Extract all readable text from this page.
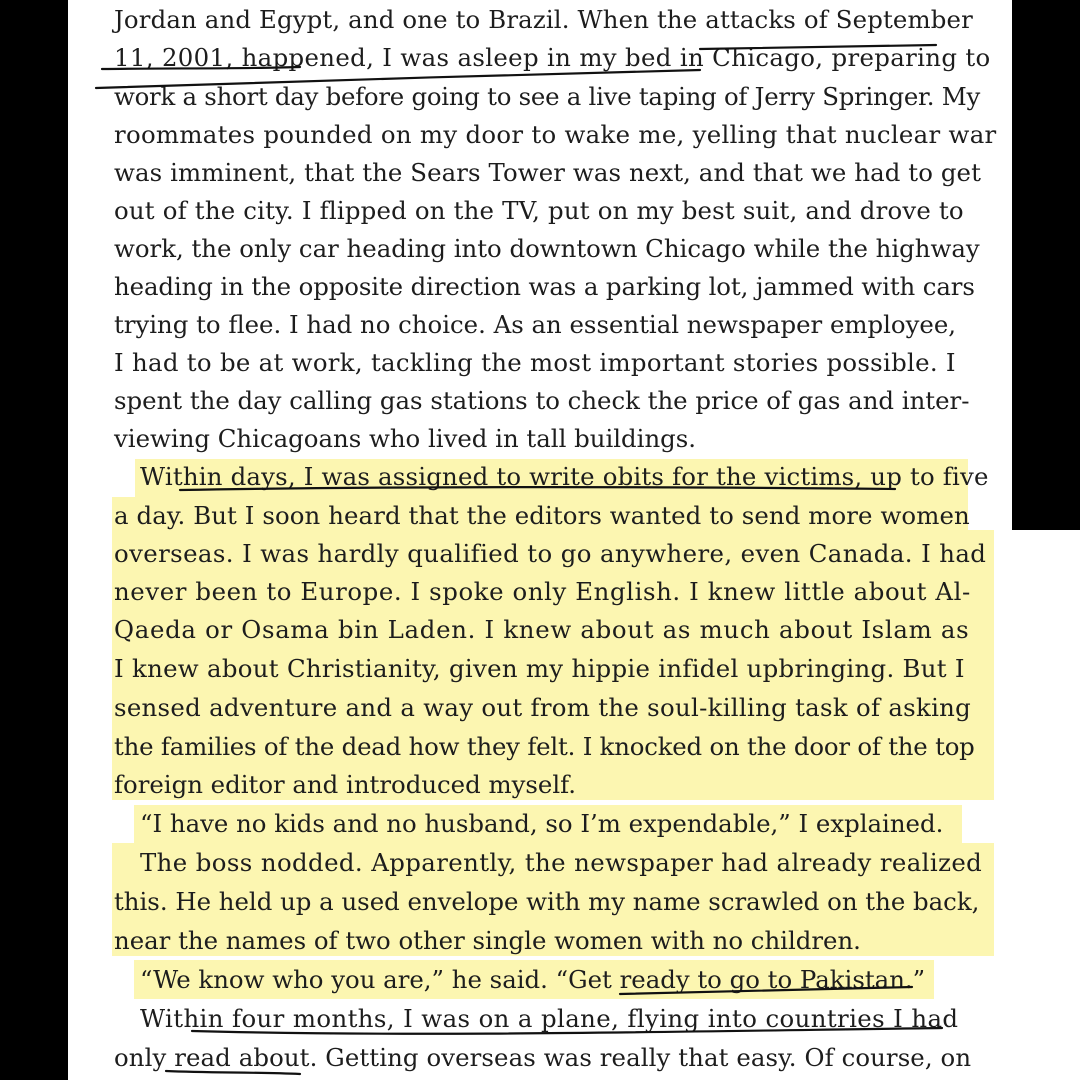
Jordan and Egypt, and one to Brazil. When the attacks of September
11, 2001, happened, I was asleep in my bed in Chicago, preparing to
work a short day before going to see a live taping of Jerry Springer. My
roommates pounded on my door to wake me, yelling that nuclear war
was imminent, that the Sears Tower was next, and that we had to get
out of the city. I flipped on the TV, put on my best suit, and drove to
work, the only car heading into downtown Chicago while the highway
heading in the opposite direction was a parking lot, jammed with cars
trying to flee. I had no choice. As an essential newspaper employee,
I had to be at work, tackling the most important stories possible. I
spent the day calling gas stations to check the price of gas and inter-
viewing Chicagoans who lived in tall buildings.
Within days, I was assigned to write obits for the victims, up to five
a day. But I soon heard that the editors wanted to send more women
overseas. I was hardly qualified to go anywhere, even Canada. I had
never been to Europe. I spoke only English. I knew little about Al-
Qaeda or Osama bin Laden. I knew about as much about Islam as
I knew about Christianity, given my hippie infidel upbringing. But I
sensed adventure and a way out from the soul-killing task of asking
the families of the dead how they felt. I knocked on the door of the top
foreign editor and introduced myself.
“I have no kids and no husband, so I’m expendable,” I explained.
The boss nodded. Apparently, the newspaper had already realized
this. He held up a used envelope with my name scrawled on the back,
near the names of two other single women with no children.
“We know who you are,” he said. “Get ready to go to Pakistan.”
Within four months, I was on a plane, flying into countries I had
only read about. Getting overseas was really that easy. Of course, on
